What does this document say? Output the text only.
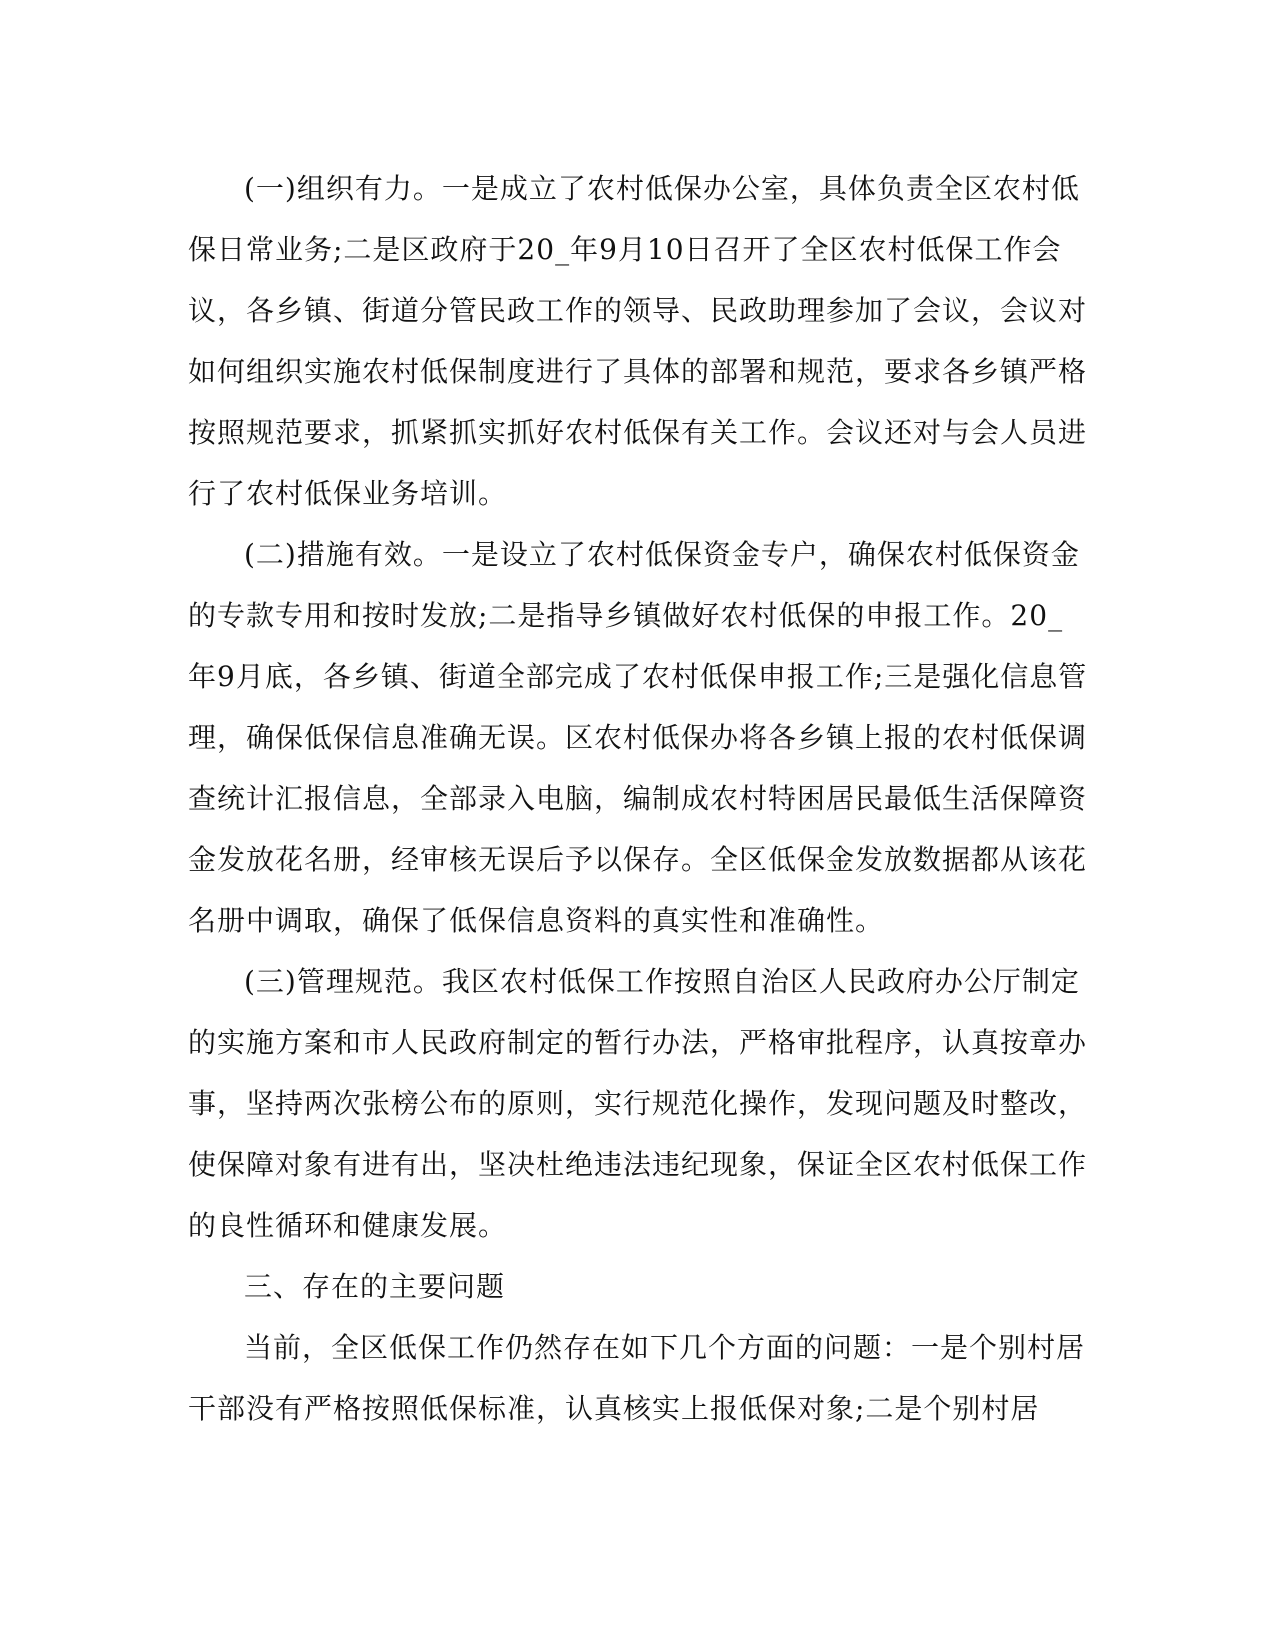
(一)组织有力。一是成立了农村低保办公室，具体负责全区农村低保日常业务;二是区政府于20_年9月10日召开了全区农村低保工作会议，各乡镇、街道分管民政工作的领导、民政助理参加了会议，会议对如何组织实施农村低保制度进行了具体的部署和规范，要求各乡镇严格按照规范要求，抓紧抓实抓好农村低保有关工作。会议还对与会人员进行了农村低保业务培训。

(二)措施有效。一是设立了农村低保资金专户，确保农村低保资金的专款专用和按时发放;二是指导乡镇做好农村低保的申报工作。20_年9月底，各乡镇、街道全部完成了农村低保申报工作;三是强化信息管理，确保低保信息准确无误。区农村低保办将各乡镇上报的农村低保调查统计汇报信息，全部录入电脑，编制成农村特困居民最低生活保障资金发放花名册，经审核无误后予以保存。全区低保金发放数据都从该花名册中调取，确保了低保信息资料的真实性和准确性。

(三)管理规范。我区农村低保工作按照自治区人民政府办公厅制定的实施方案和市人民政府制定的暂行办法，严格审批程序，认真按章办事，坚持两次张榜公布的原则，实行规范化操作，发现问题及时整改，使保障对象有进有出，坚决杜绝违法违纪现象，保证全区农村低保工作的良性循环和健康发展。

三、存在的主要问题

当前，全区低保工作仍然存在如下几个方面的问题：一是个别村居干部没有严格按照低保标准，认真核实上报低保对象;二是个别村居
